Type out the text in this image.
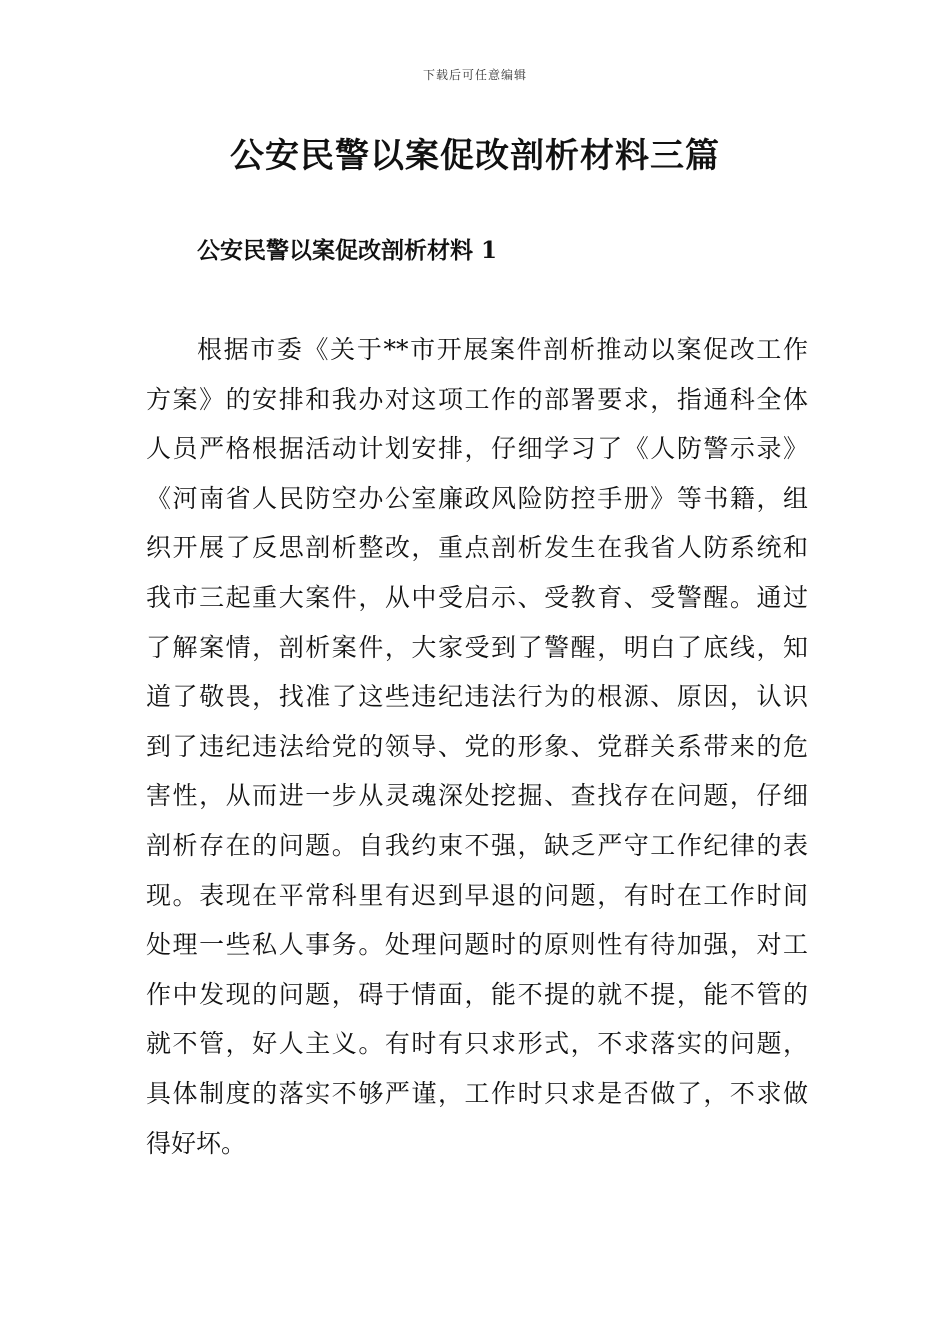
下载后可任意编辑
公安民警以案促改剖析材料三篇
公安民警以案促改剖析材料 1
根据市委《关于**市开展案件剖析推动以案促改工作
方案》的安排和我办对这项工作的部署要求，指通科全体
人员严格根据活动计划安排，仔细学习了《人防警示录》
《河南省人民防空办公室廉政风险防控手册》等书籍，组
织开展了反思剖析整改，重点剖析发生在我省人防系统和
我市三起重大案件，从中受启示、受教育、受警醒。通过
了解案情，剖析案件，大家受到了警醒，明白了底线，知
道了敬畏，找准了这些违纪违法行为的根源、原因，认识
到了违纪违法给党的领导、党的形象、党群关系带来的危
害性，从而进一步从灵魂深处挖掘、查找存在问题，仔细
剖析存在的问题。自我约束不强，缺乏严守工作纪律的表
现。表现在平常科里有迟到早退的问题，有时在工作时间
处理一些私人事务。处理问题时的原则性有待加强，对工
作中发现的问题，碍于情面，能不提的就不提，能不管的
就不管，好人主义。有时有只求形式，不求落实的问题，
具体制度的落实不够严谨，工作时只求是否做了，不求做
得好坏。
